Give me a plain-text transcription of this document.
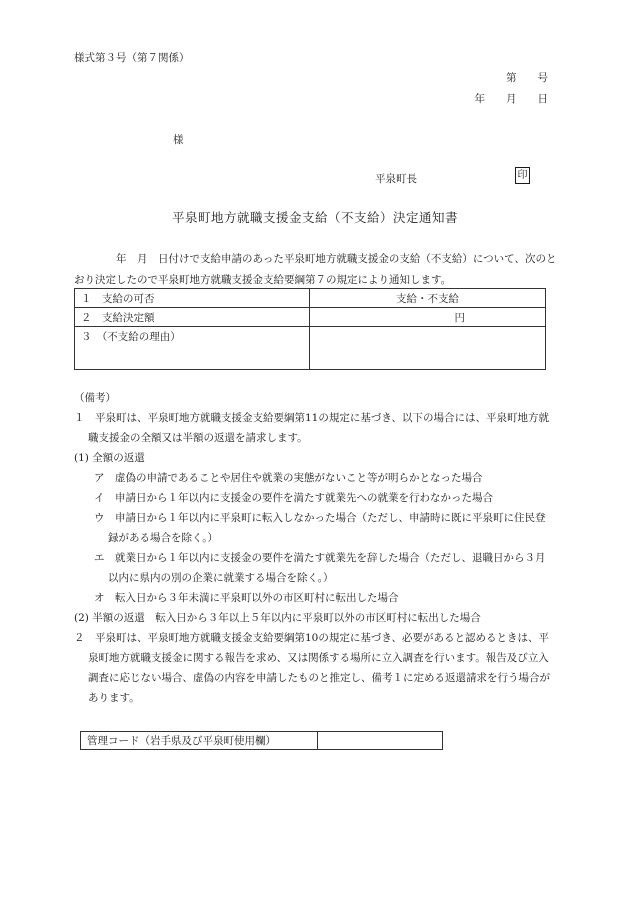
様式第３号（第７関係）
第　　号
年　　月　　日
様
平泉町長	印
平泉町地方就職支援金支給（不支給）決定通知書
年　月　日付けで支給申請のあった平泉町地方就職支援金の支給（不支給）について、次のとおり決定したので平泉町地方就職支援金支給要綱第７の規定により通知します。
１　支給の可否	支給・不支給
２　支給決定額	円
３　（不支給の理由）	

（備考）

１　平泉町は、平泉町地方就職支援金支給要綱第11の規定に基づき、以下の場合には、平泉町地方就職支援金の全額又は半額の返還を請求します。

(1) 全額の返還

ア　虚偽の申請であることや居住や就業の実態がないこと等が明らかとなった場合

イ　申請日から１年以内に支援金の要件を満たす就業先への就業を行わなかった場合

ウ　申請日から１年以内に平泉町に転入しなかった場合（ただし、申請時に既に平泉町に住民登録がある場合を除く。）

エ　就業日から１年以内に支援金の要件を満たす就業先を辞した場合（ただし、退職日から３月以内に県内の別の企業に就業する場合を除く。）

オ　転入日から３年未満に平泉町以外の市区町村に転出した場合

(2) 半額の返還　転入日から３年以上５年以内に平泉町以外の市区町村に転出した場合

２　平泉町は、平泉町地方就職支援金支給要綱第10の規定に基づき、必要があると認めるときは、平泉町地方就職支援金に関する報告を求め、又は関係する場所に立入調査を行います。報告及び立入調査に応じない場合、虚偽の内容を申請したものと推定し、備考１に定める返還請求を行う場合があります。

管理コード（岩手県及び平泉町使用欄）	
